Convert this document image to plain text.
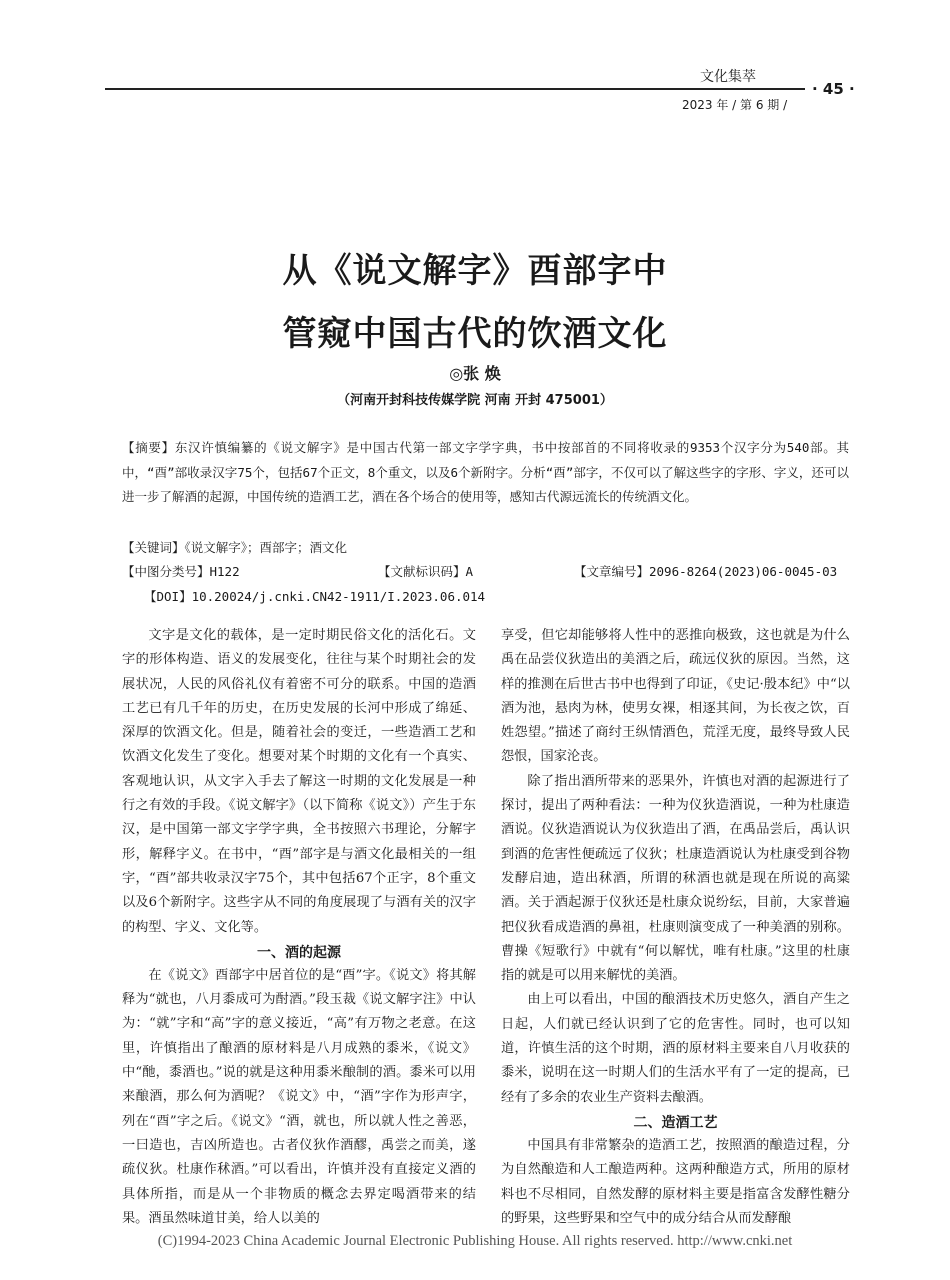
文化集萃
· 45 ·
2023 年 / 第 6 期 /
从《说文解字》酉部字中
管窥中国古代的饮酒文化
◎张 焕
（河南开封科技传媒学院 河南 开封 475001）
【摘要】东汉许慎编纂的《说文解字》是中国古代第一部文字学字典，书中按部首的不同将收录的9353个汉字分为540部。其中，“酉”部收录汉字75个，包括67个正文，8个重文，以及6个新附字。分析“酉”部字，不仅可以了解这些字的字形、字义，还可以进一步了解酒的起源，中国传统的造酒工艺，酒在各个场合的使用等，感知古代源远流长的传统酒文化。
【关键词】《说文解字》；酉部字；酒文化
【中图分类号】H122	【文献标识码】A	【文章编号】2096-8264(2023)06-0045-03
【DOI】10.20024/j.cnki.CN42-1911/I.2023.06.014

文字是文化的载体，是一定时期民俗文化的活化石。文字的形体构造、语义的发展变化，往往与某个时期社会的发展状况，人民的风俗礼仪有着密不可分的联系。中国的造酒工艺已有几千年的历史，在历史发展的长河中形成了绵延、深厚的饮酒文化。但是，随着社会的变迁，一些造酒工艺和饮酒文化发生了变化。想要对某个时期的文化有一个真实、客观地认识，从文字入手去了解这一时期的文化发展是一种行之有效的手段。《说文解字》（以下简称《说文》）产生于东汉，是中国第一部文字学字典，全书按照六书理论，分解字形，解释字义。在书中，“酉”部字是与酒文化最相关的一组字，“酉”部共收录汉字75个，其中包括67个正字，8个重文以及6个新附字。这些字从不同的角度展现了与酒有关的汉字的构型、字义、文化等。

一、酒的起源

在《说文》酉部字中居首位的是“酉”字。《说文》将其解释为“就也，八月黍成可为酎酒。”段玉裁《说文解字注》中认为：“就”字和“高”字的意义接近，“高”有万物之老意。在这里，许慎指出了酿酒的原材料是八月成熟的黍米，《说文》中“酏，黍酒也。”说的就是这种用黍米酿制的酒。黍米可以用来酿酒，那么何为酒呢？《说文》中，“酒”字作为形声字，列在“酉”字之后。《说文》“酒，就也，所以就人性之善恶，一曰造也，吉凶所造也。古者仪狄作酒醪，禹尝之而美，遂疏仪狄。杜康作秫酒。”可以看出，许慎并没有直接定义酒的具体所指，而是从一个非物质的概念去界定喝酒带来的结果。酒虽然味道甘美，给人以美的

享受，但它却能够将人性中的恶推向极致，这也就是为什么禹在品尝仪狄造出的美酒之后，疏远仪狄的原因。当然，这样的推测在后世古书中也得到了印证，《史记·殷本纪》中“以酒为池，悬肉为林，使男女裸，相逐其间，为长夜之饮，百姓怨望。”描述了商纣王纵情酒色，荒淫无度，最终导致人民怨恨，国家沦丧。

除了指出酒所带来的恶果外，许慎也对酒的起源进行了探讨，提出了两种看法：一种为仪狄造酒说，一种为杜康造酒说。仪狄造酒说认为仪狄造出了酒，在禹品尝后，禹认识到酒的危害性便疏远了仪狄；杜康造酒说认为杜康受到谷物发酵启迪，造出秫酒，所谓的秫酒也就是现在所说的高粱酒。关于酒起源于仪狄还是杜康众说纷纭，目前，大家普遍把仪狄看成造酒的鼻祖，杜康则演变成了一种美酒的别称。曹操《短歌行》中就有“何以解忧，唯有杜康。”这里的杜康指的就是可以用来解忧的美酒。

由上可以看出，中国的酿酒技术历史悠久，酒自产生之日起，人们就已经认识到了它的危害性。同时，也可以知道，许慎生活的这个时期，酒的原材料主要来自八月收获的黍米，说明在这一时期人们的生活水平有了一定的提高，已经有了多余的农业生产资料去酿酒。

二、造酒工艺

中国具有非常繁杂的造酒工艺，按照酒的酿造过程，分为自然酿造和人工酿造两种。这两种酿造方式，所用的原材料也不尽相同，自然发酵的原材料主要是指富含发酵性糖分的野果，这些野果和空气中的成分结合从而发酵酿

(C)1994-2023 China Academic Journal Electronic Publishing House. All rights reserved. http://www.cnki.net
